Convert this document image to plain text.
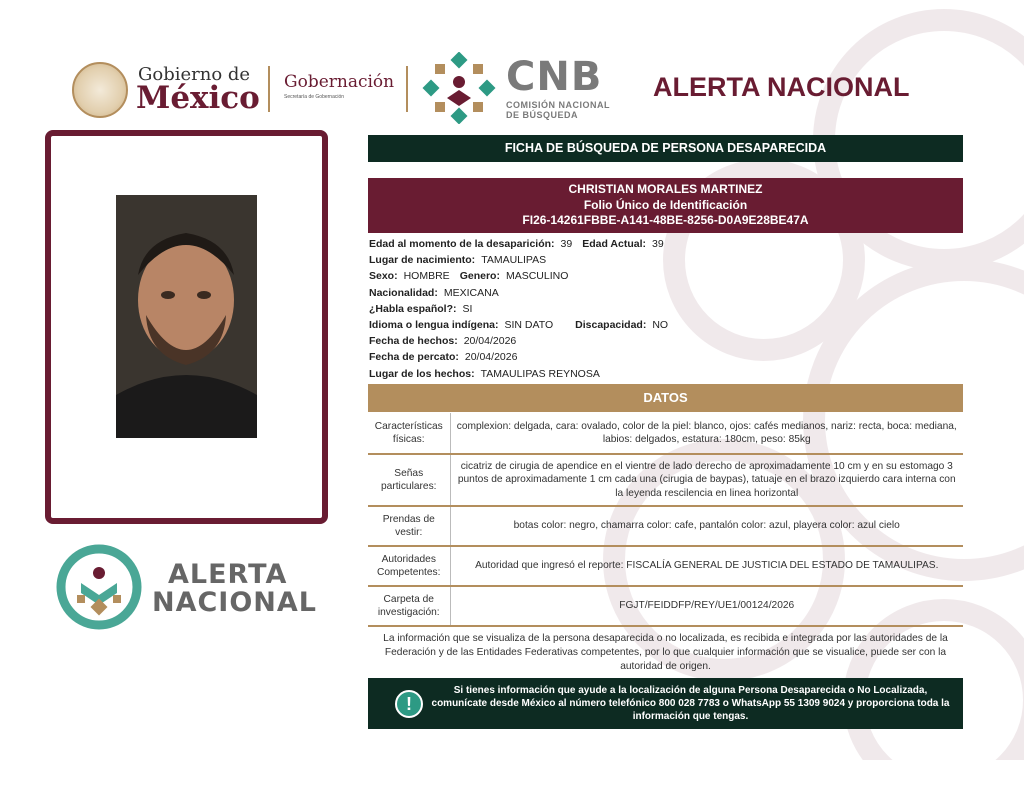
Gobierno de
México Gobernación
Secretaría de Gobernación	CNB
COMISIÓN NACIONAL
DE BÚSQUEDA
ALERTA NACIONAL
ALERTA
NACIONAL
FICHA DE BÚSQUEDA DE PERSONA DESAPARECIDA
CHRISTIAN MORALES MARTINEZ
Folio Único de Identificación
FI26-14261FBBE-A141-48BE-8256-D0A9E28BE47A
Edad al momento de la desaparición: 39 Edad Actual: 39
Lugar de nacimiento: TAMAULIPAS
Sexo: HOMBRE Genero: MASCULINO
Nacionalidad: MEXICANA
¿Habla español?: SI
Idioma o lengua indígena: SIN DATO Discapacidad: NO
Fecha de hechos: 20/04/2026
Fecha de percato: 20/04/2026
Lugar de los hechos: TAMAULIPAS REYNOSA
DATOS
Características físicas:	complexion: delgada, cara: ovalado, color de la piel: blanco, ojos: cafés medianos, nariz: recta, boca: mediana, labios: delgados, estatura: 180cm, peso: 85kg
Señas particulares:	cicatriz de cirugia de apendice en el vientre de lado derecho de aproximadamente 10 cm y en su estomago 3 puntos de aproximadamente 1 cm cada una (cirugia de baypas), tatuaje en el brazo izquierdo cara interna con la leyenda rescilencia en linea horizontal
Prendas de vestir:	botas color: negro, chamarra color: cafe, pantalón color: azul, playera color: azul cielo
Autoridades Competentes:	Autoridad que ingresó el reporte: FISCALÍA GENERAL DE JUSTICIA DEL ESTADO DE TAMAULIPAS.
Carpeta de investigación:	FGJT/FEIDDFP/REY/UE1/00124/2026
La información que se visualiza de la persona desaparecida o no localizada, es recibida e integrada por las autoridades de la Federación y de las Entidades Federativas competentes, por lo que cualquier información que se visualice, puede ser con la autoridad de origen.
!
Si tienes información que ayude a la localización de alguna Persona Desaparecida o No Localizada, comunícate desde México al número telefónico 800 028 7783 o WhatsApp 55 1309 9024 y proporciona toda la información que tengas.
